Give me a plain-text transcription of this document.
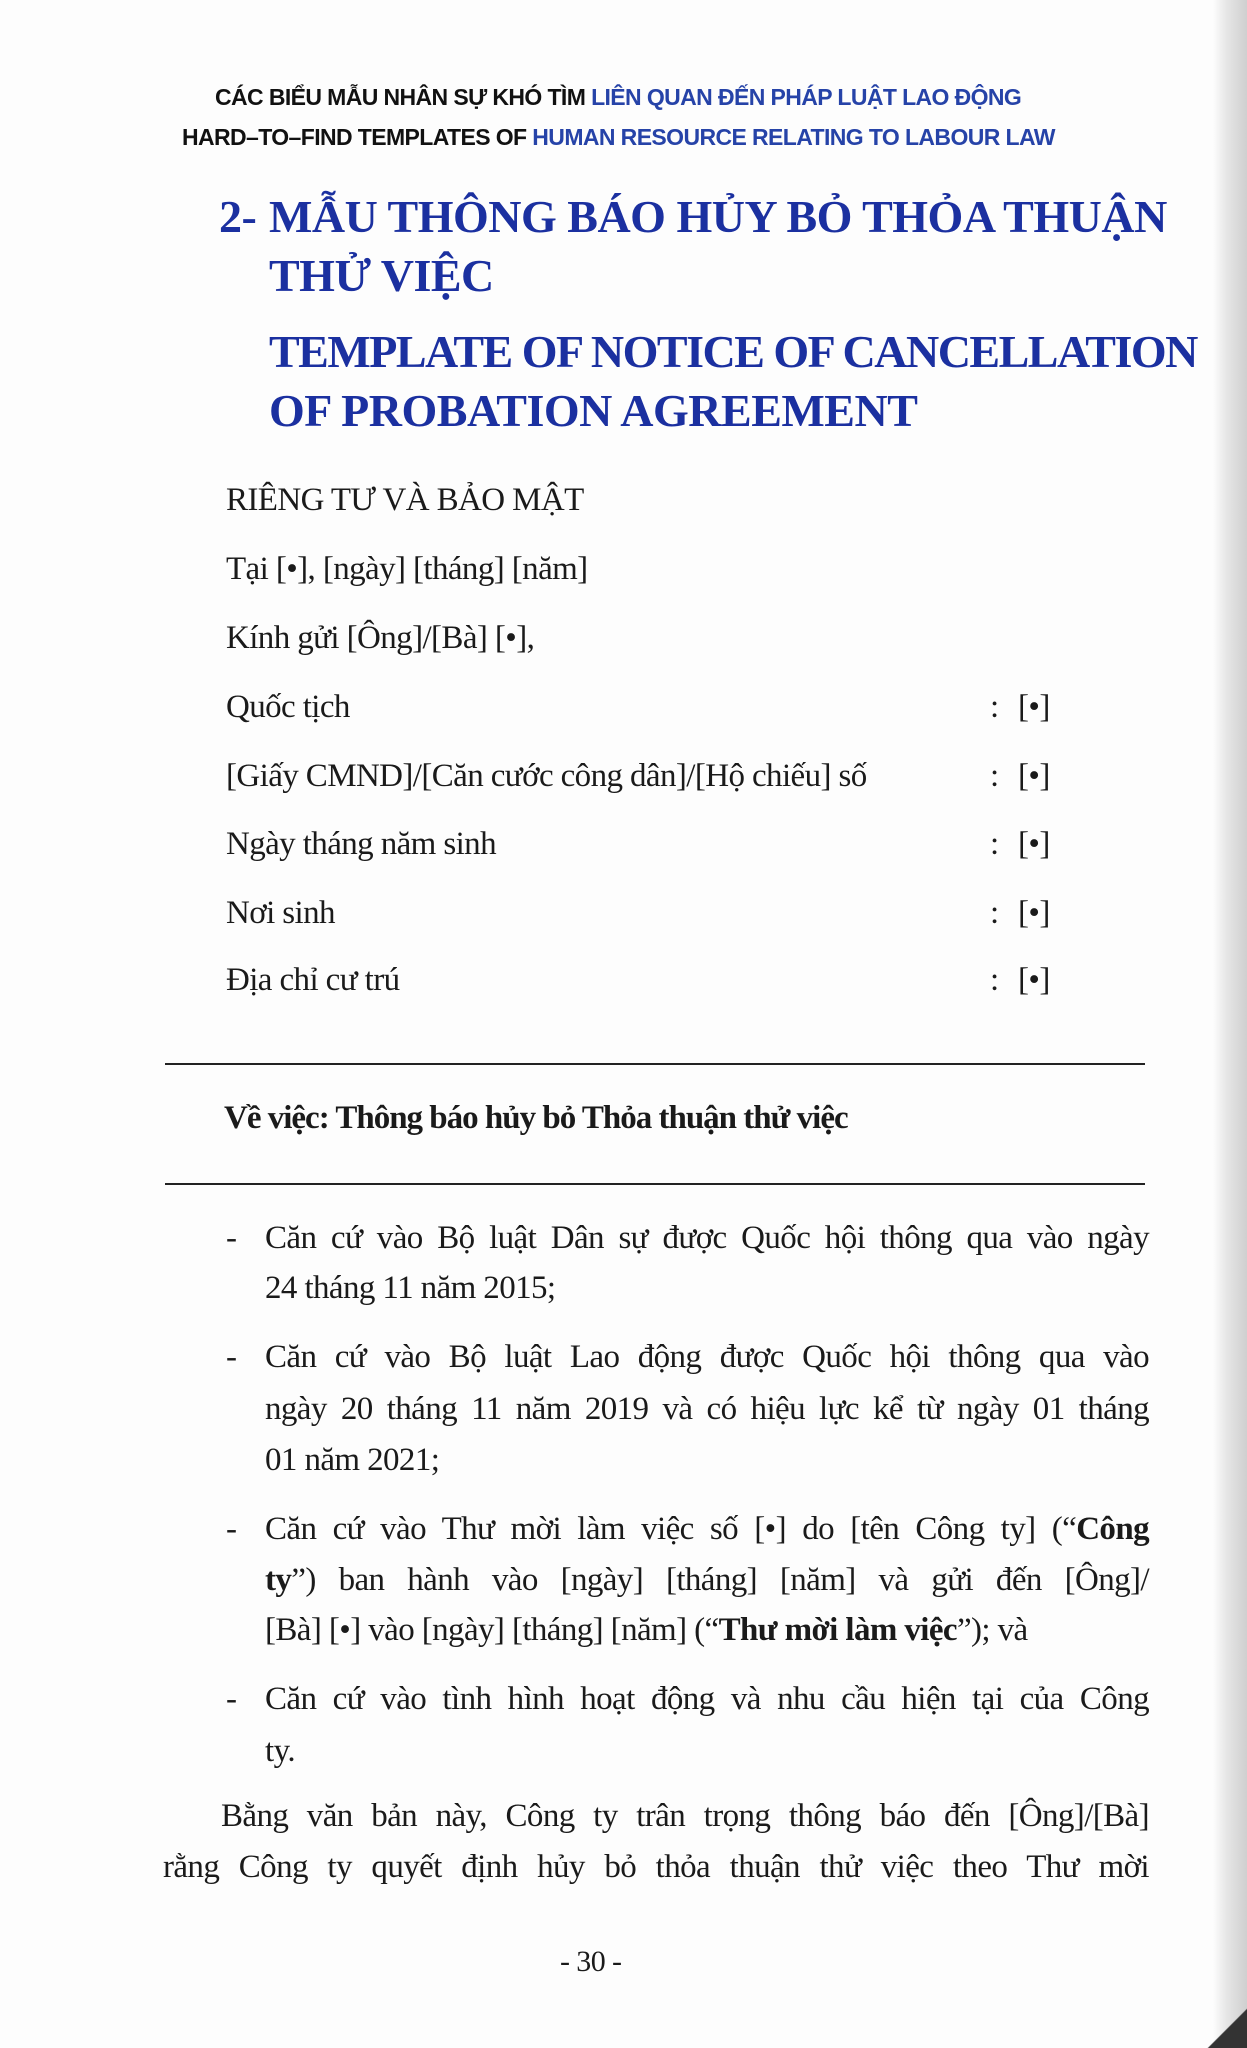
CÁC BIỂU MẪU NHÂN SỰ KHÓ TÌM LIÊN QUAN ĐẾN PHÁP LUẬT LAO ĐỘNG
HARD–TO–FIND TEMPLATES OF HUMAN RESOURCE RELATING TO LABOUR LAW
2- MẪU THÔNG BÁO HỦY BỎ THỎA THUẬN
THỬ VIỆC
TEMPLATE OF NOTICE OF CANCELLATION
OF PROBATION AGREEMENT
RIÊNG TƯ VÀ BẢO MẬT
Tại [•], [ngày] [tháng] [năm]
Kính gửi [Ông]/[Bà] [•],
Quốc tịch	: [•]
[Giấy CMND]/[Căn cước công dân]/[Hộ chiếu] số	: [•]
Ngày tháng năm sinh	: [•]
Nơi sinh	: [•]
Địa chỉ cư trú	: [•]
Về việc: Thông báo hủy bỏ Thỏa thuận thử việc
- Căn cứ vào Bộ luật Dân sự được Quốc hội thông qua vào ngày
24 tháng 11 năm 2015;
- Căn cứ vào Bộ luật Lao động được Quốc hội thông qua vào
ngày 20 tháng 11 năm 2019 và có hiệu lực kể từ ngày 01 tháng
01 năm 2021;
- Căn cứ vào Thư mời làm việc số [•] do [tên Công ty] (“Công
ty”) ban hành vào [ngày] [tháng] [năm] và gửi đến [Ông]/
[Bà] [•] vào [ngày] [tháng] [năm] (“Thư mời làm việc”); và
- Căn cứ vào tình hình hoạt động và nhu cầu hiện tại của Công
ty.
Bằng văn bản này, Công ty trân trọng thông báo đến [Ông]/[Bà]
rằng Công ty quyết định hủy bỏ thỏa thuận thử việc theo Thư mời
- 30 -
